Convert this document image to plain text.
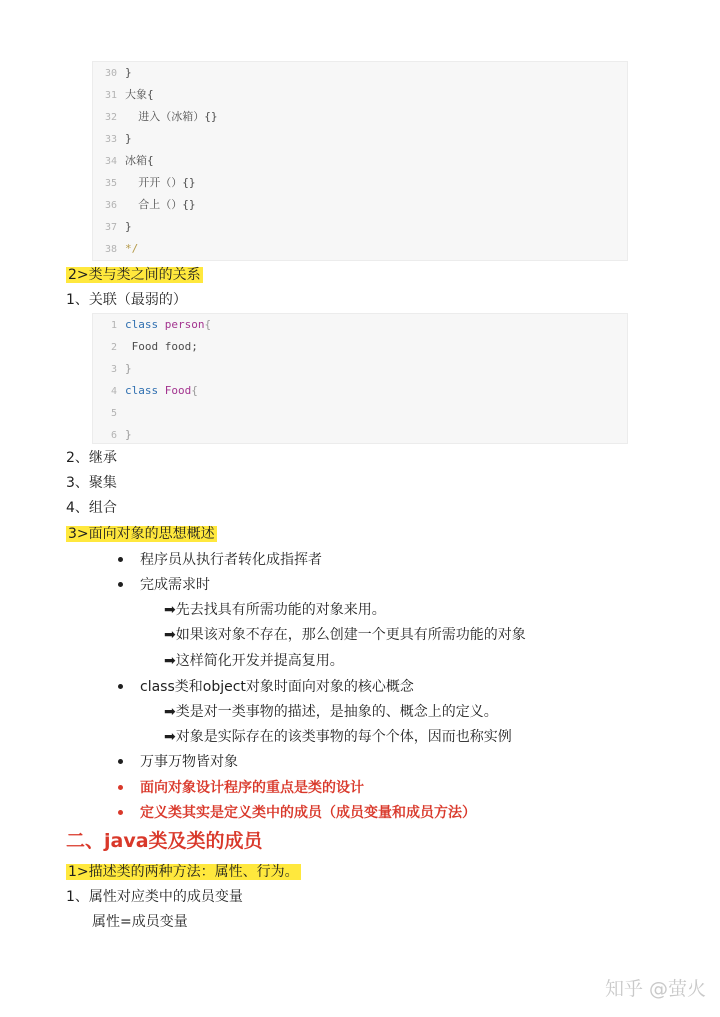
30 }
31 大象{
32  进入（冰箱）{}
33 }
34 冰箱{
35  开开（）{}
36  合上（）{}
37 }
38 */
2>类与类之间的关系
1、关联（最弱的）
1 class person{
2 Food food;
3 }
4 class Food{
5
6 }
2、继承
3、聚集
4、组合
3>面向对象的思想概述
程序员从执行者转化成指挥者
完成需求时
➡先去找具有所需功能的对象来用。
➡如果该对象不存在，那么创建一个更具有所需功能的对象
➡这样简化开发并提高复用。
class类和object对象时面向对象的核心概念
➡类是对一类事物的描述，是抽象的、概念上的定义。
➡对象是实际存在的该类事物的每个个体，因而也称实例
万事万物皆对象
面向对象设计程序的重点是类的设计
定义类其实是定义类中的成员（成员变量和成员方法）
二、java类及类的成员
1>描述类的两种方法：属性、行为。
1、属性对应类中的成员变量
属性=成员变量
知乎 @萤火
